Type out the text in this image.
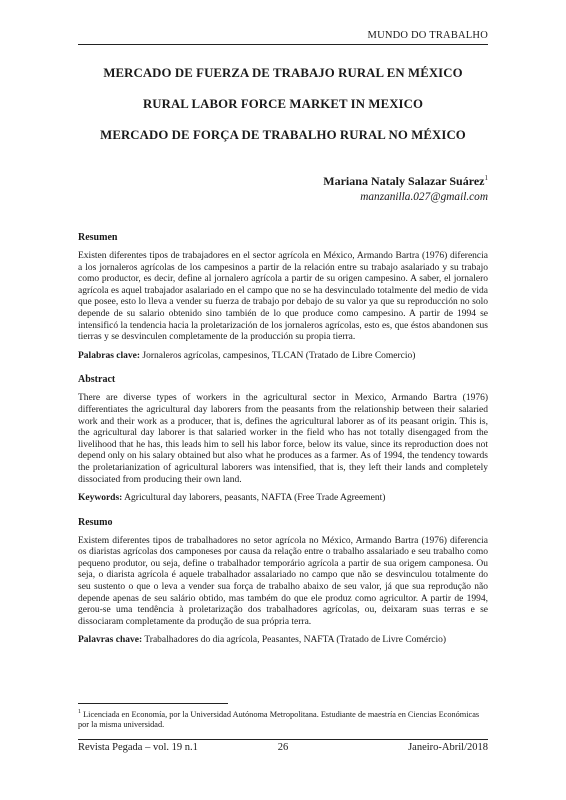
MUNDO DO TRABALHO
MERCADO DE FUERZA DE TRABAJO RURAL EN MÉXICO
RURAL LABOR FORCE MARKET IN MEXICO
MERCADO DE FORÇA DE TRABALHO RURAL NO MÉXICO
Mariana Nataly Salazar Suárez$^1$
manzanilla.027@gmail.com
Resumen

Existen diferentes tipos de trabajadores en el sector agrícola en México, Armando Bartra (1976) diferencia a los jornaleros agrícolas de los campesinos a partir de la relación entre su trabajo asalariado y su trabajo como productor, es decir, define al jornalero agrícola a partir de su origen campesino. A saber, el jornalero agrícola es aquel trabajador asalariado en el campo que no se ha desvinculado totalmente del medio de vida que posee, esto lo lleva a vender su fuerza de trabajo por debajo de su valor ya que su reproducción no solo depende de su salario obtenido sino también de lo que produce como campesino. A partir de 1994 se intensificó la tendencia hacia la proletarización de los jornaleros agrícolas, esto es, que éstos abandonen sus tierras y se desvinculen completamente de la producción su propia tierra.

Palabras clave: Jornaleros agrícolas, campesinos, TLCAN (Tratado de Libre Comercio)
Abstract

There are diverse types of workers in the agricultural sector in Mexico, Armando Bartra (1976) differentiates the agricultural day laborers from the peasants from the relationship between their salaried work and their work as a producer, that is, defines the agricultural laborer as of its peasant origin. This is, the agricultural day laborer is that salaried worker in the field who has not totally disengaged from the livelihood that he has, this leads him to sell his labor force, below its value, since its reproduction does not depend only on his salary obtained but also what he produces as a farmer. As of 1994, the tendency towards the proletarianization of agricultural laborers was intensified, that is, they left their lands and completely dissociated from producing their own land.

Keywords: Agricultural day laborers, peasants, NAFTA (Free Trade Agreement)
Resumo

Existem diferentes tipos de trabalhadores no setor agrícola no México, Armando Bartra (1976) diferencia os diaristas agrícolas dos camponeses por causa da relação entre o trabalho assalariado e seu trabalho como pequeno produtor, ou seja, define o trabalhador temporário agrícola a partir de sua origem camponesa. Ou seja, o diarista agrícola é aquele trabalhador assalariado no campo que não se desvinculou totalmente do seu sustento o que o leva a vender sua força de trabalho abaixo de seu valor, já que sua reprodução não depende apenas de seu salário obtido, mas também do que ele produz como agricultor. A partir de 1994, gerou-se uma tendência à proletarização dos trabalhadores agrícolas, ou, deixaram suas terras e se dissociaram completamente da produção de sua própria terra.

Palavras chave: Trabalhadores do dia agrícola, Peasantes, NAFTA (Tratado de Livre Comércio)
$^1$ Licenciada en Economía, por la Universidad Autónoma Metropolitana. Estudiante de maestría en Ciencias Económicas por la misma universidad.
Revista Pegada – vol. 19 n.1	26	Janeiro-Abril/2018
